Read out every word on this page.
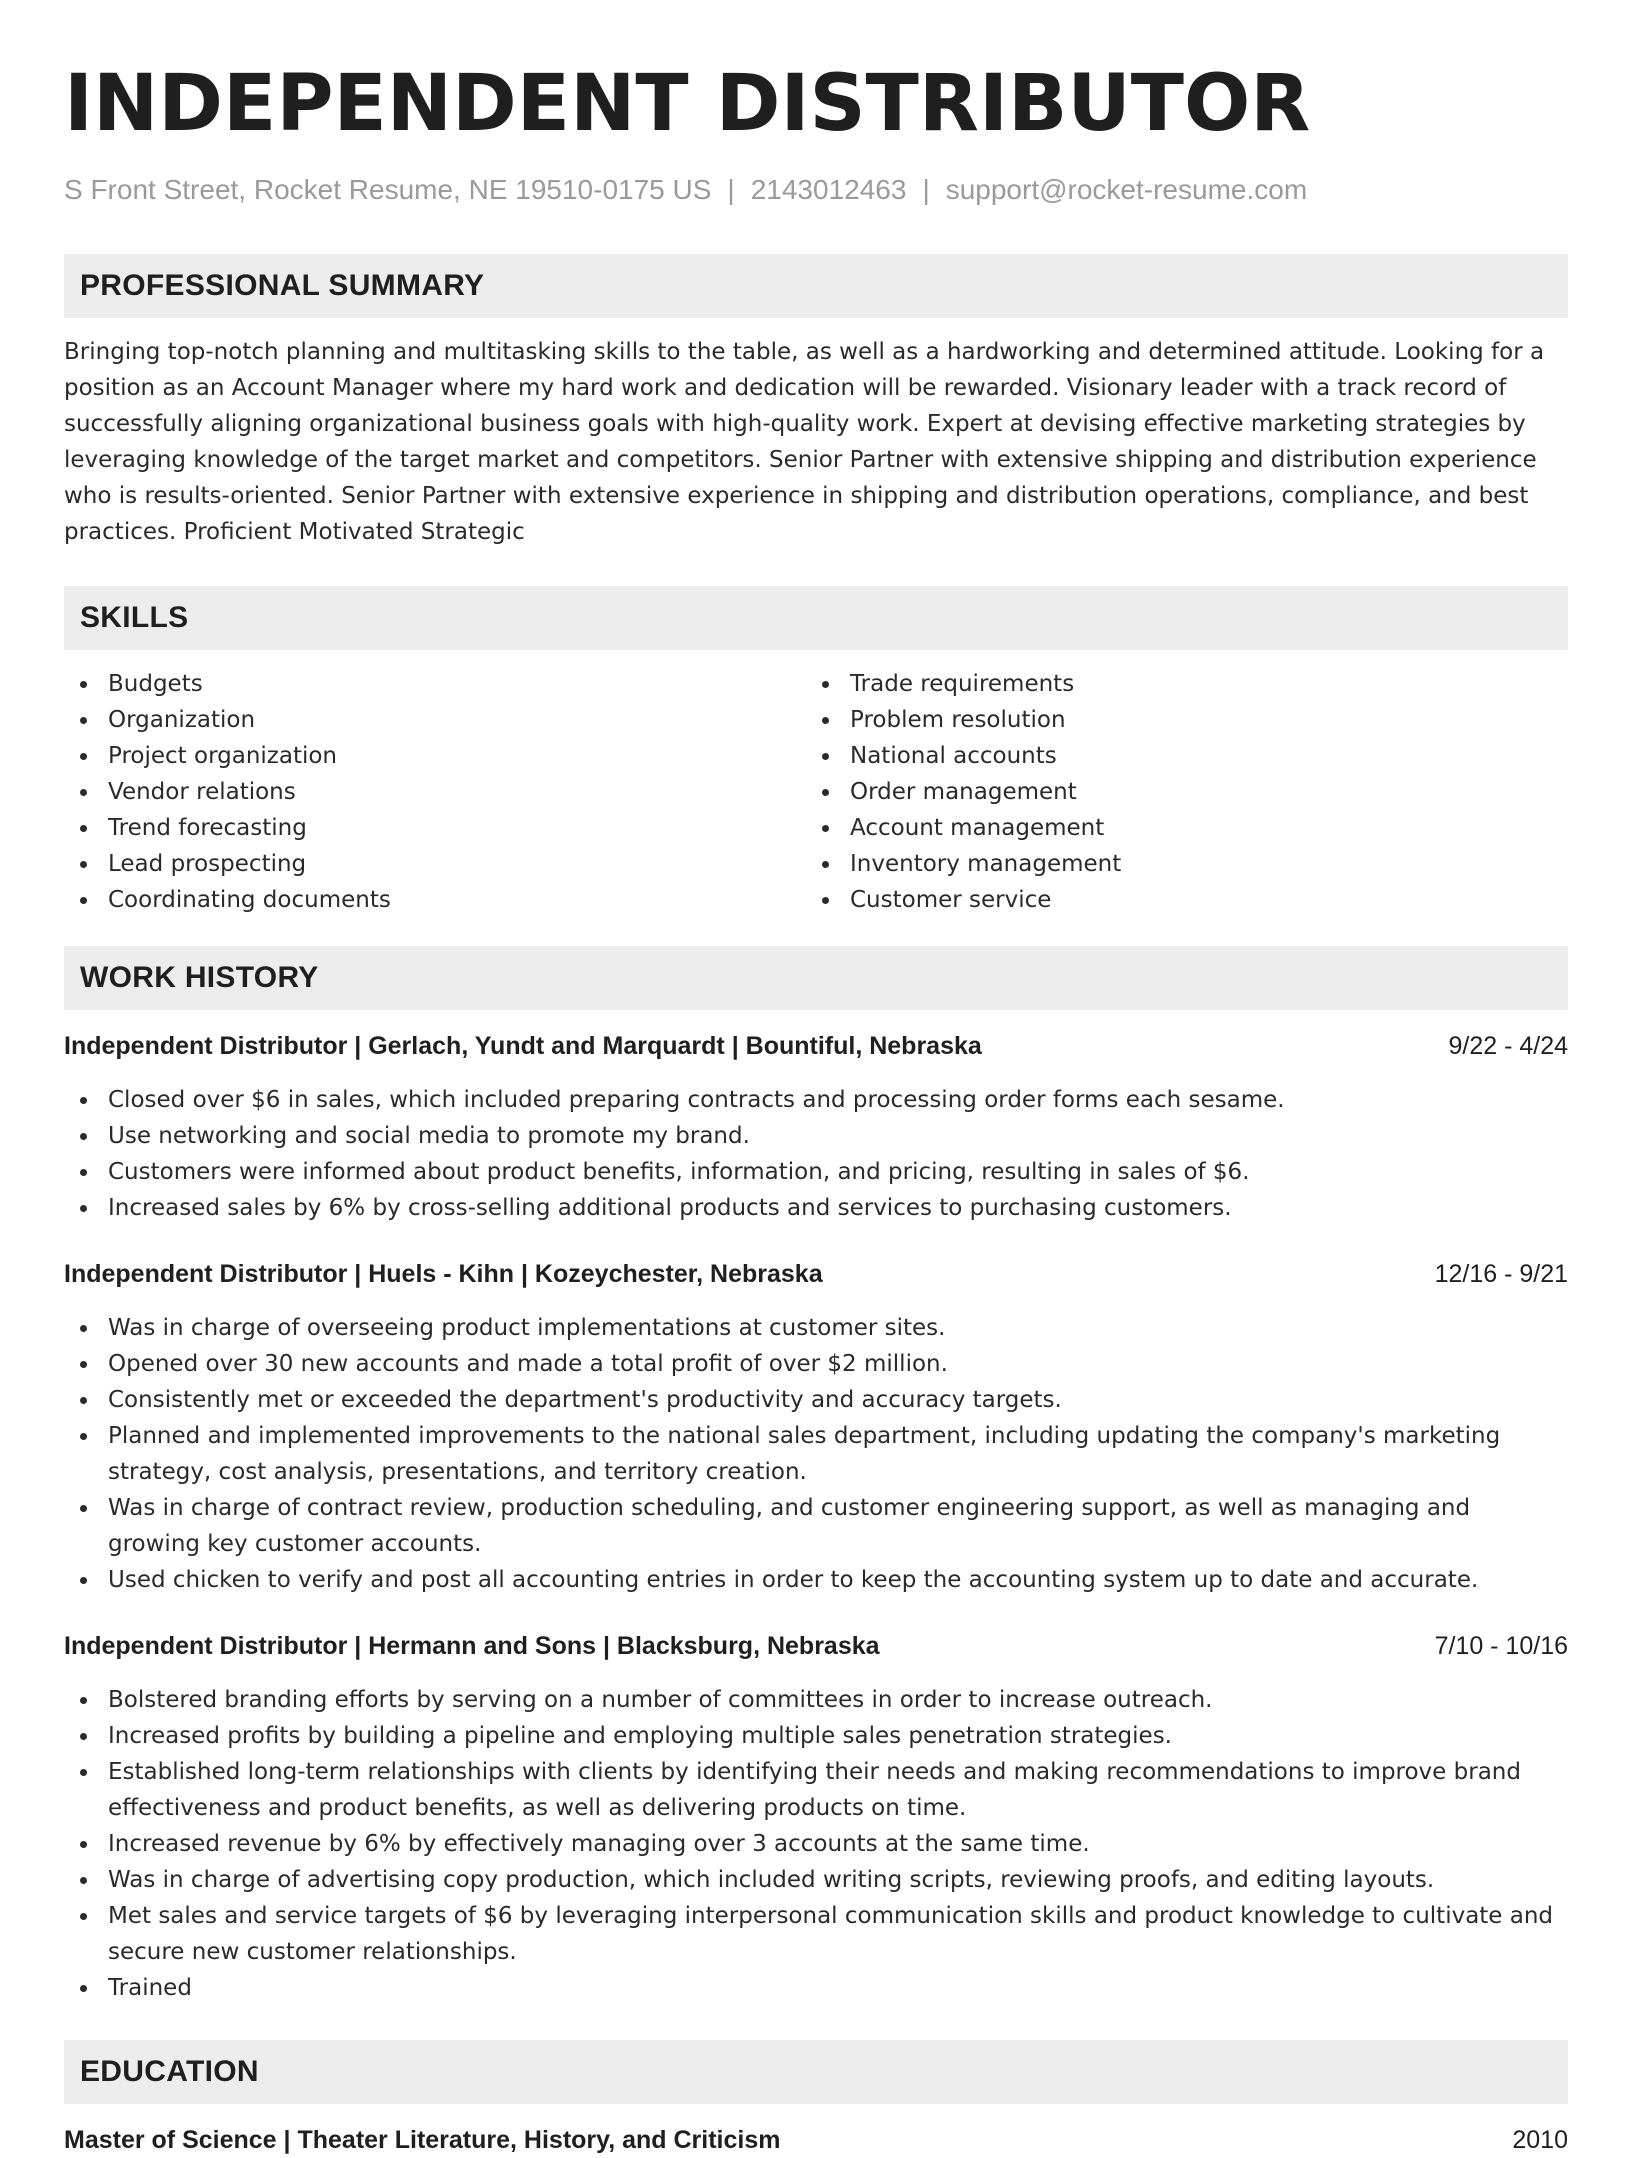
INDEPENDENT DISTRIBUTOR
S Front Street, Rocket Resume, NE 19510-0175 US | 2143012463 | support@rocket-resume.com
PROFESSIONAL SUMMARY
Bringing top-notch planning and multitasking skills to the table, as well as a hardworking and determined attitude. Looking for a position as an Account Manager where my hard work and dedication will be rewarded. Visionary leader with a track record of successfully aligning organizational business goals with high-quality work. Expert at devising effective marketing strategies by leveraging knowledge of the target market and competitors. Senior Partner with extensive shipping and distribution experience who is results-oriented. Senior Partner with extensive experience in shipping and distribution operations, compliance, and best practices. Proficient Motivated Strategic
SKILLS
Budgets
Organization
Project organization
Vendor relations
Trend forecasting
Lead prospecting
Coordinating documents
Trade requirements
Problem resolution
National accounts
Order management
Account management
Inventory management
Customer service
WORK HISTORY
Independent Distributor | Gerlach, Yundt and Marquardt | Bountiful, Nebraska	9/22 - 4/24
Closed over $6 in sales, which included preparing contracts and processing order forms each sesame.
Use networking and social media to promote my brand.
Customers were informed about product benefits, information, and pricing, resulting in sales of $6.
Increased sales by 6% by cross-selling additional products and services to purchasing customers.
Independent Distributor | Huels - Kihn | Kozeychester, Nebraska	12/16 - 9/21
Was in charge of overseeing product implementations at customer sites.
Opened over 30 new accounts and made a total profit of over $2 million.
Consistently met or exceeded the department's productivity and accuracy targets.
Planned and implemented improvements to the national sales department, including updating the company's marketing strategy, cost analysis, presentations, and territory creation.
Was in charge of contract review, production scheduling, and customer engineering support, as well as managing and growing key customer accounts.
Used chicken to verify and post all accounting entries in order to keep the accounting system up to date and accurate.
Independent Distributor | Hermann and Sons | Blacksburg, Nebraska	7/10 - 10/16
Bolstered branding efforts by serving on a number of committees in order to increase outreach.
Increased profits by building a pipeline and employing multiple sales penetration strategies.
Established long-term relationships with clients by identifying their needs and making recommendations to improve brand effectiveness and product benefits, as well as delivering products on time.
Increased revenue by 6% by effectively managing over 3 accounts at the same time.
Was in charge of advertising copy production, which included writing scripts, reviewing proofs, and editing layouts.
Met sales and service targets of $6 by leveraging interpersonal communication skills and product knowledge to cultivate and secure new customer relationships.
Trained
EDUCATION
Master of Science | Theater Literature, History, and Criticism	2010
